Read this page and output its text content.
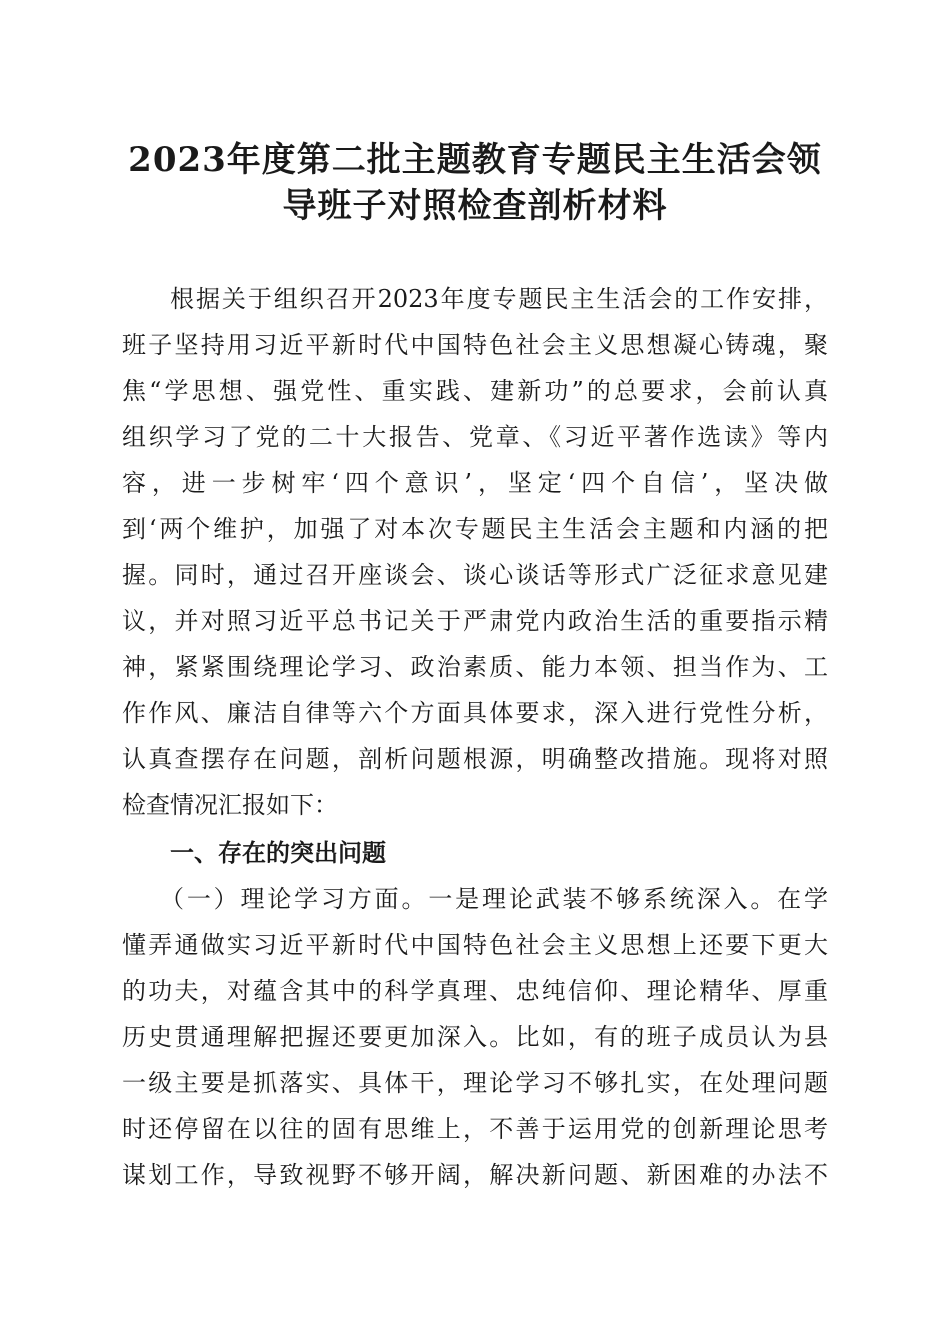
2023年度第二批主题教育专题民主生活会领
导班子对照检查剖析材料
根据关于组织召开2023年度专题民主生活会的工作安排，
班子坚持用习近平新时代中国特色社会主义思想凝心铸魂，聚
焦“学思想、强党性、重实践、建新功”的总要求，会前认真
组织学习了党的二十大报告、党章、《习近平著作选读》等内
容，进一步树牢‘四个意识’，坚定‘四个自信’，坚决做
到‘两个维护，加强了对本次专题民主生活会主题和内涵的把
握。同时，通过召开座谈会、谈心谈话等形式广泛征求意见建
议，并对照习近平总书记关于严肃党内政治生活的重要指示精
神，紧紧围绕理论学习、政治素质、能力本领、担当作为、工
作作风、廉洁自律等六个方面具体要求，深入进行党性分析，
认真查摆存在问题，剖析问题根源，明确整改措施。现将对照
检查情况汇报如下：
一、存在的突出问题
（一）理论学习方面。一是理论武装不够系统深入。在学
懂弄通做实习近平新时代中国特色社会主义思想上还要下更大
的功夫，对蕴含其中的科学真理、忠纯信仰、理论精华、厚重
历史贯通理解把握还要更加深入。比如，有的班子成员认为县
一级主要是抓落实、具体干，理论学习不够扎实，在处理问题
时还停留在以往的固有思维上，不善于运用党的创新理论思考
谋划工作，导致视野不够开阔，解决新问题、新困难的办法不
